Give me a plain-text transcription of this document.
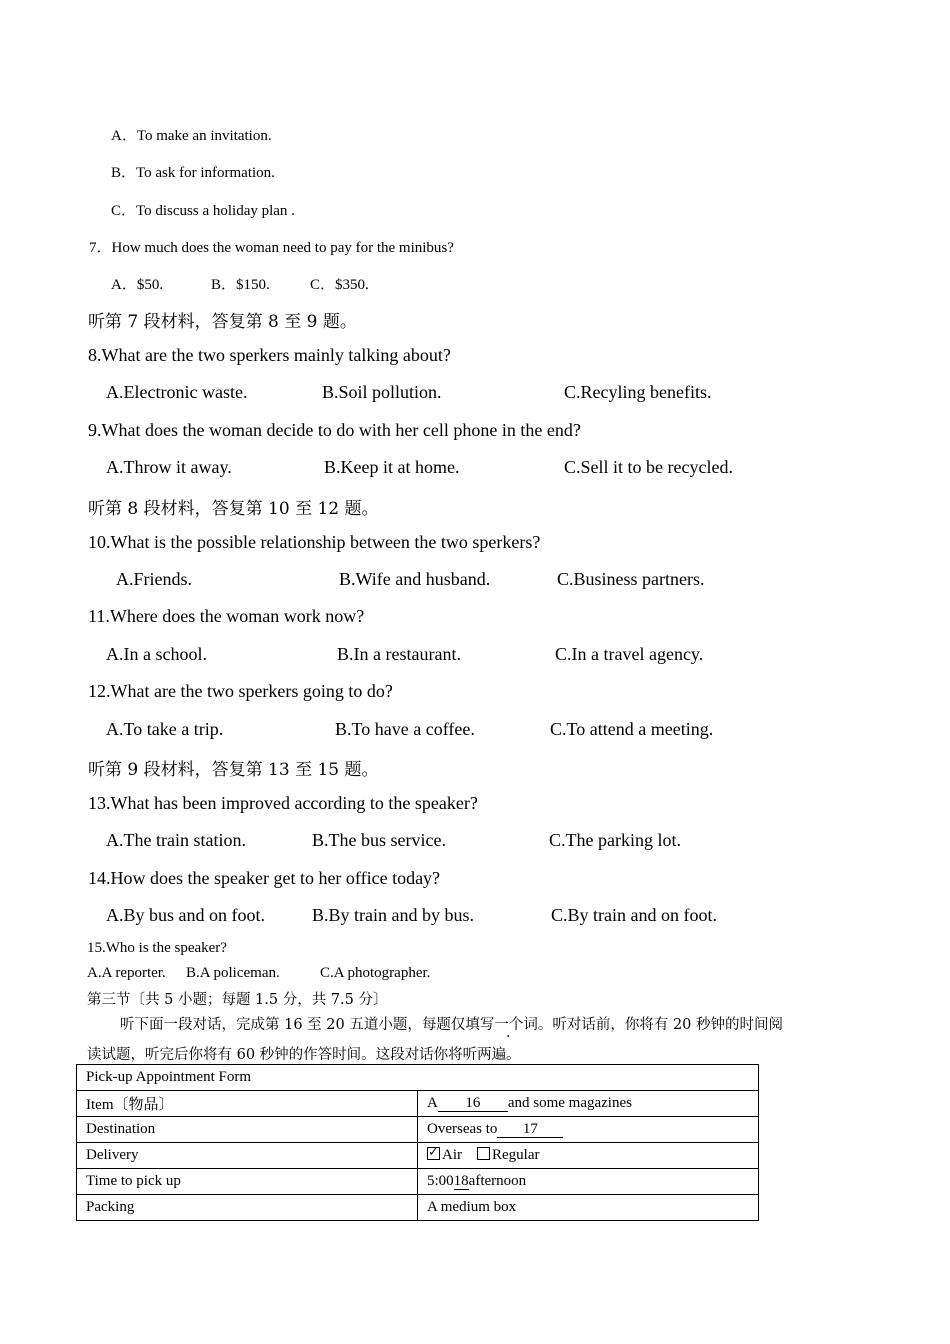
A．To make an invitation.
B．To ask for information.
C．To discuss a holiday plan .
7．How much does the woman need to pay for the minibus?
A．$50.	B．$150.	C．$350.
听第 7 段材料，答复第 8 至 9 题。
8.What are the two sperkers mainly talking about?
A.Electronic waste.	B.Soil pollution.	C.Recyling benefits.
9.What does the woman decide to do with her cell phone in the end?
A.Throw it away.	B.Keep it at home.	C.Sell it to be recycled.
听第 8 段材料，答复第 10 至 12 题。
10.What is the possible relationship between the two sperkers?
A.Friends.	B.Wife and husband.	C.Business partners.
11.Where does the woman work now?
A.In a school.	B.In a restaurant.	C.In a travel agency.
12.What are the two sperkers going to do?
A.To take a trip.	B.To have a coffee.	C.To attend a meeting.
听第 9 段材料，答复第 13 至 15 题。
13.What has been improved according to the speaker?
A.The train station.	B.The bus service.	C.The parking lot.
14.How does the speaker get to her office today?
A.By bus and on foot.	B.By train and by bus.	C.By train and on foot.
15.Who is the speaker?
A.A reporter. B.A policeman.	C.A photographer.
第三节〔共 5 小题；每题 1.5 分，共 7.5 分〕
听下面一段对话，完成第 16 至 20 五道小题，每题仅填写一个词。听对话前，你将有 20 秒钟的时间阅
读试题，听完后你将有 60 秒钟的作答时间。这段对话你将听两遍。
Pick-up Appointment Form	
Item〔物品〕	A 16 and some magazines
Destination	Overseas to 17
Delivery	✓Air Regular
Time to pick up	5:0018afternoon
Packing	A medium box
